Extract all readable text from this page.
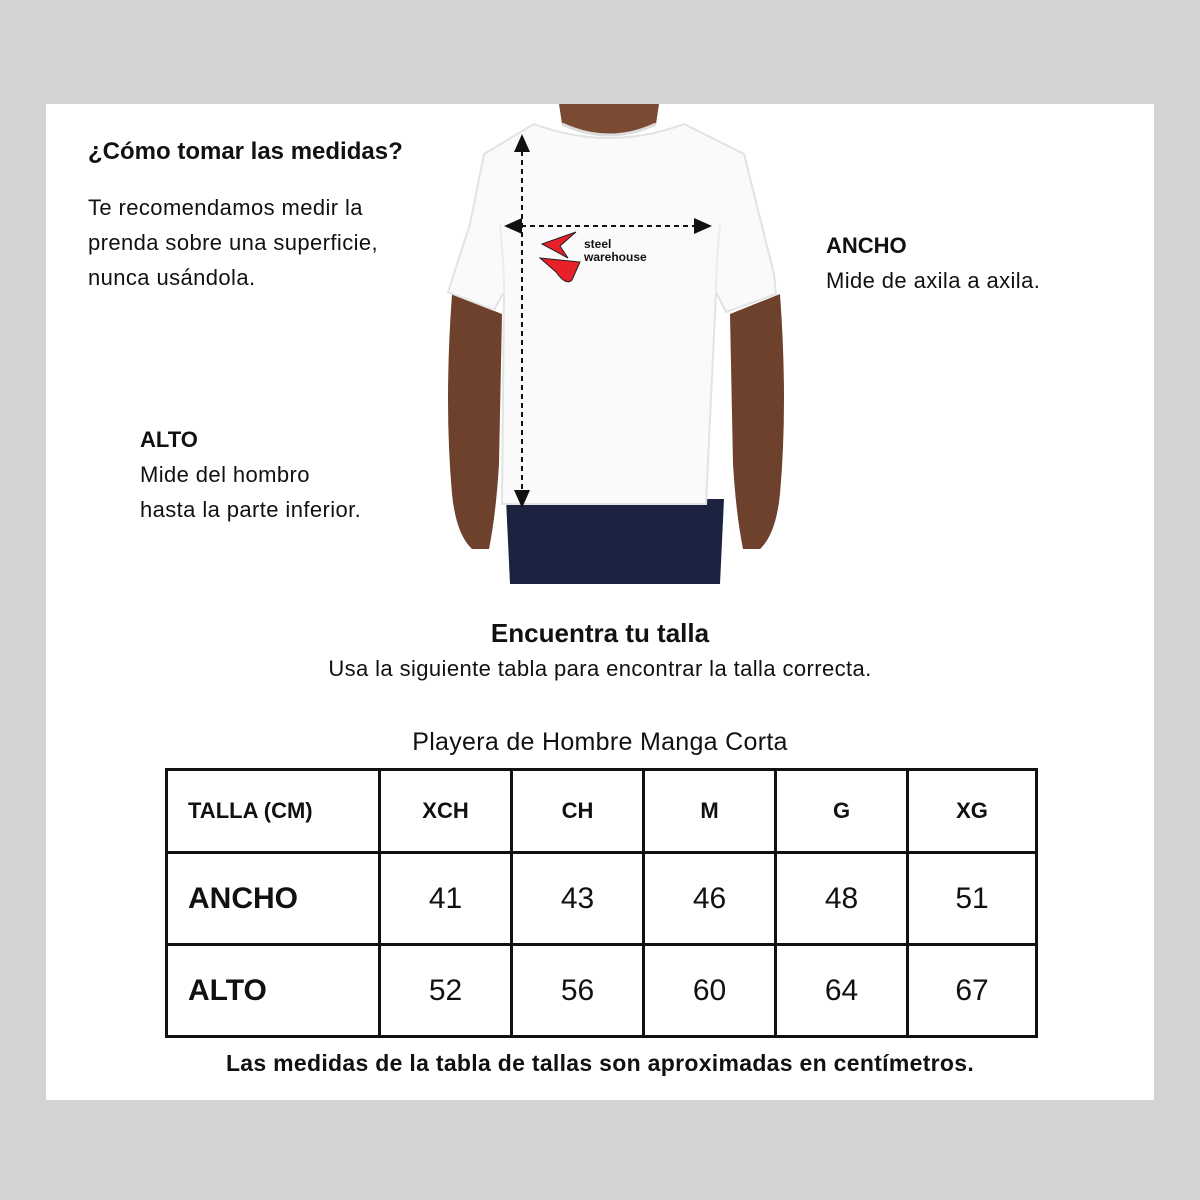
¿Cómo tomar las medidas?
Te recomendamos medir la
prenda sobre una superficie,
nunca usándola.
ANCHO
Mide de axila a axila.
ALTO
Mide del hombro
hasta la parte inferior.
steel
warehouse
Encuentra tu talla
Usa la siguiente tabla para encontrar la talla correcta.
Playera de Hombre Manga Corta
TALLA (CM)	XCH	CH	M	G	XG
ANCHO	41	43	46	48	51
ALTO	52	56	60	64	67
Las medidas de la tabla de tallas son aproximadas en centímetros.
